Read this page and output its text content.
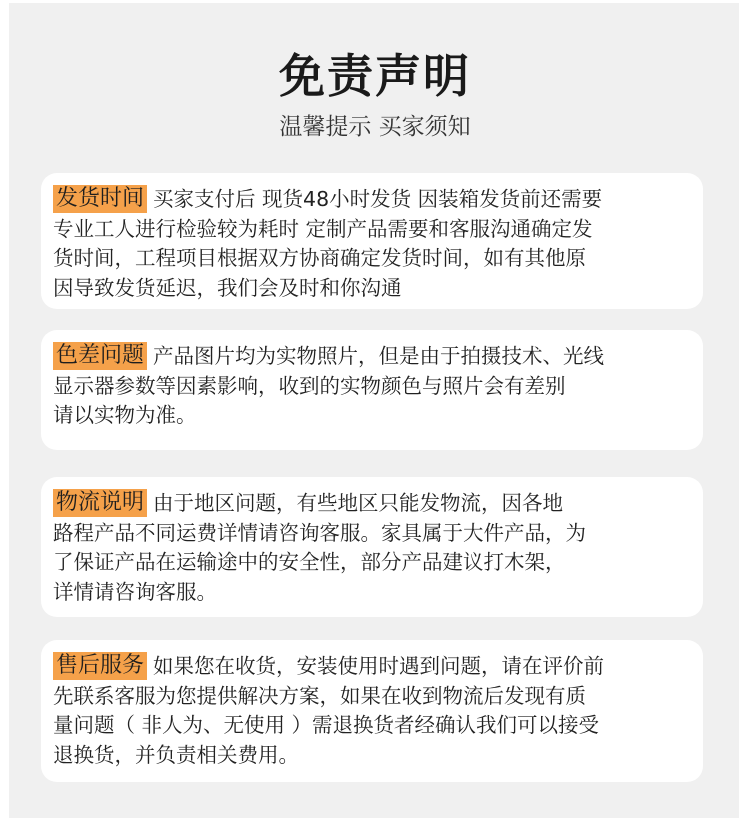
免责声明
温馨提示 买家须知

发货时间 买家支付后 现货48小时发货 因装箱发货前还需要
专业工人进行检验较为耗时 定制产品需要和客服沟通确定发
货时间，工程项目根据双方协商确定发货时间，如有其他原
因导致发货延迟，我们会及时和你沟通

色差问题 产品图片均为实物照片，但是由于拍摄技术、光线
显示器参数等因素影响，收到的实物颜色与照片会有差别
请以实物为准。

物流说明 由于地区问题，有些地区只能发物流，因各地
路程产品不同运费详情请咨询客服。家具属于大件产品，为
了保证产品在运输途中的安全性，部分产品建议打木架，
详情请咨询客服。

售后服务 如果您在收货，安装使用时遇到问题，请在评价前
先联系客服为您提供解决方案，如果在收到物流后发现有质
量问题（ 非人为、无使用 ）需退换货者经确认我们可以接受
退换货，并负责相关费用。
